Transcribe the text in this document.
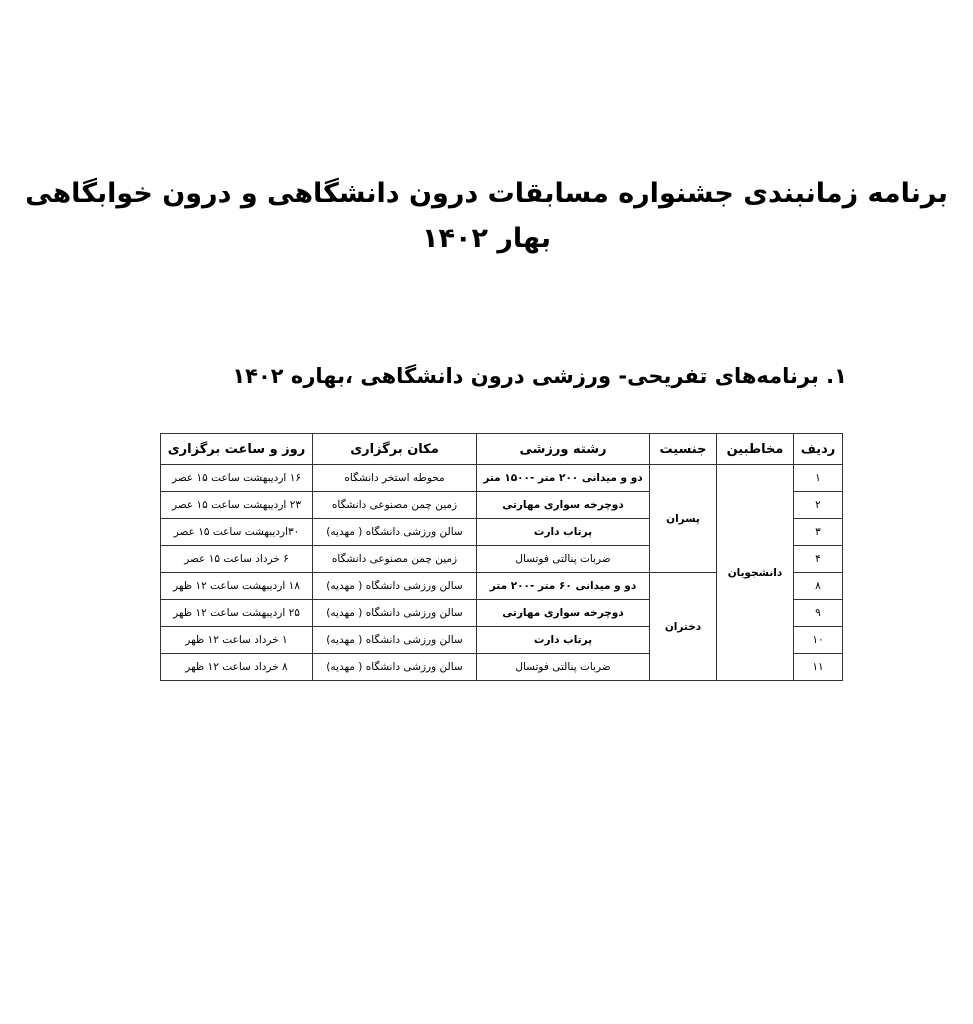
برنامه زمانبندی جشنواره مسابقات درون دانشگاهی و درون خوابگاهی
بهار ۱۴۰۲
۱. برنامه‌های تفریحی- ورزشی درون دانشگاهی ،بهاره ۱۴۰۲
ردیف	مخاطبین	جنسیت	رشته ورزشی	مکان برگزاری	روز و ساعت برگزاری
۱	دانشجویان	پسران	دو و میدانی ۲۰۰ متر -۱۵۰۰ متر	محوطه استخر دانشگاه	۱۶ اردیبهشت ساعت ۱۵ عصر
۲			دوچرخه سواری مهارتی	زمین چمن مصنوعی دانشگاه	۲۳ اردیبهشت ساعت ۱۵ عصر
۳			پرتاب دارت	سالن ورزشی دانشگاه ( مهدیه)	۳۰اردیبهشت ساعت ۱۵ عصر
۴			ضربات پنالتی فوتسال	زمین چمن مصنوعی دانشگاه	۶ خرداد ساعت ۱۵ عصر
۸		دختران	دو و میدانی ۶۰ متر -۲۰۰ متر	سالن ورزشی دانشگاه ( مهدیه)	۱۸ اردیبهشت ساعت ۱۲ ظهر
۹			دوچرخه سواری مهارتی	سالن ورزشی دانشگاه ( مهدیه)	۲۵ اردیبهشت ساعت ۱۲ ظهر
۱۰			پرتاب دارت	سالن ورزشی دانشگاه ( مهدیه)	۱ خرداد ساعت ۱۲ ظهر
۱۱			ضربات پنالتی فوتسال	سالن ورزشی دانشگاه ( مهدیه)	۸ خرداد ساعت ۱۲ ظهر
